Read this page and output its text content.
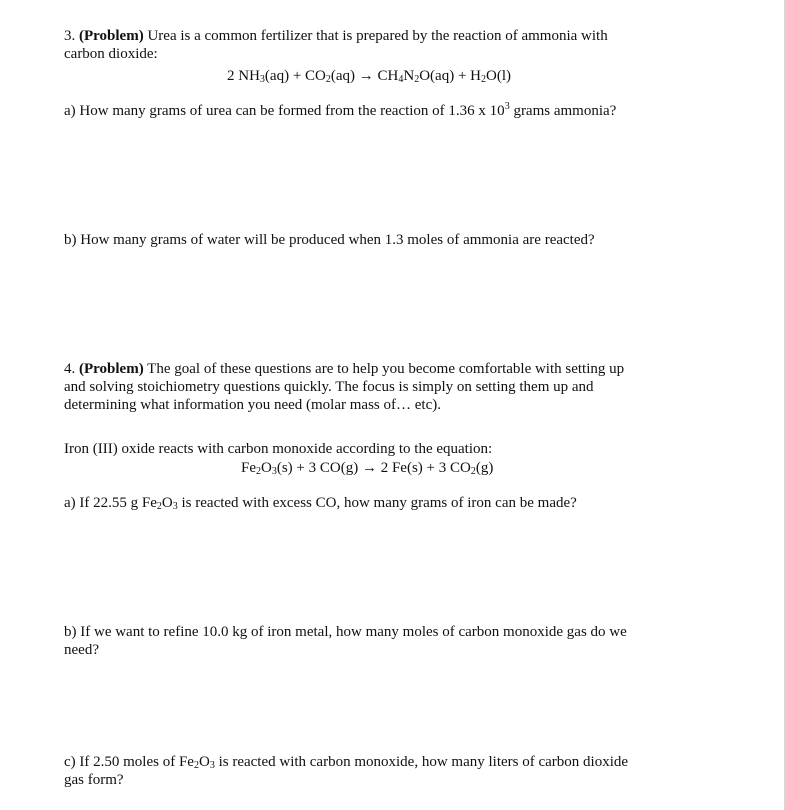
3. (Problem) Urea is a common fertilizer that is prepared by the reaction of ammonia with
carbon dioxide:

2 $NH_3(aq) + CO_2(aq) \to CH_4N_2O(aq) + H_2O(l)$

a) How many grams of urea can be formed from the reaction of 1.36 x $10^3$ grams ammonia?

b) How many grams of water will be produced when 1.3 moles of ammonia are reacted?

4. (Problem) The goal of these questions are to help you become comfortable with setting up
and solving stoichiometry questions quickly. The focus is simply on setting them up and
determining what information you need (molar mass of… etc).

Iron (III) oxide reacts with carbon monoxide according to the equation:

$Fe_2O_3(s) + 3$ CO(g) → 2 Fe(s) + 3 $CO_2(g)$

a) If 22.55 g $Fe_2O_3$ is reacted with excess CO, how many grams of iron can be made?

b) If we want to refine 10.0 kg of iron metal, how many moles of carbon monoxide gas do we
need?

c) If 2.50 moles of $Fe_2O_3$ is reacted with carbon monoxide, how many liters of carbon dioxide
gas form?
